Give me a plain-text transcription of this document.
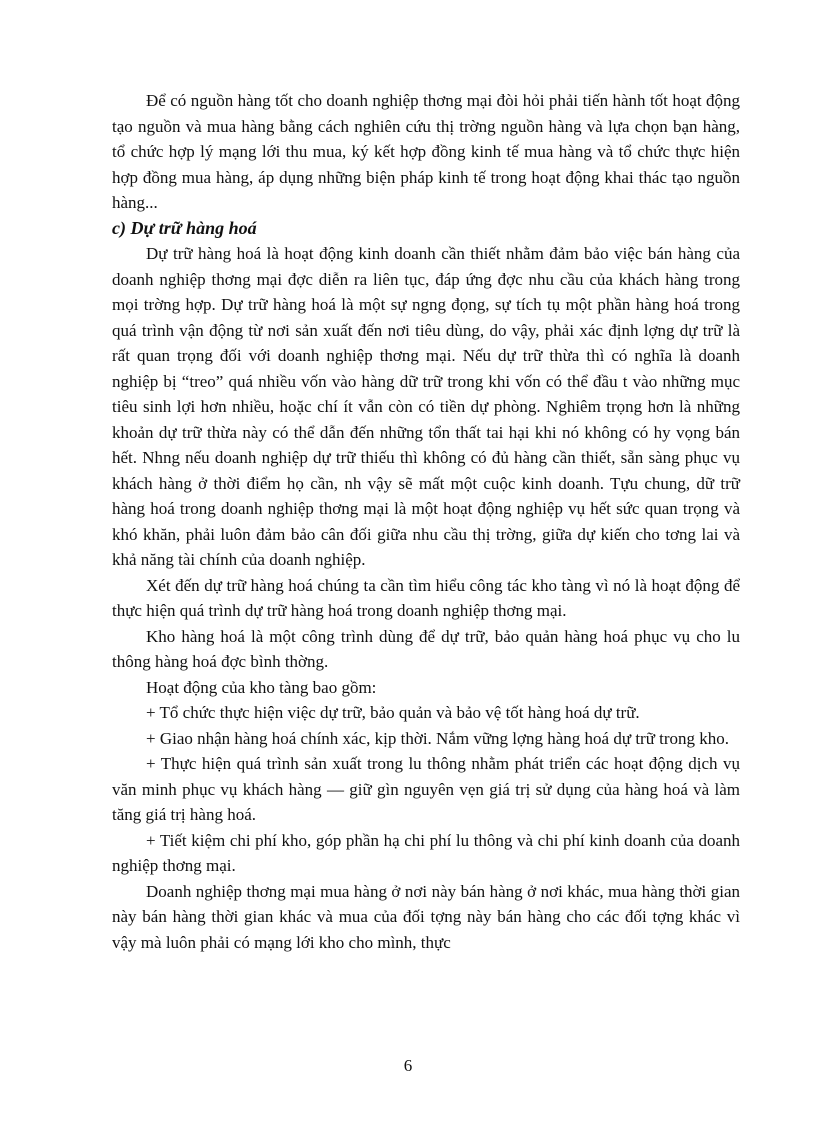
Để có nguồn hàng tốt cho doanh nghiệp thơng mại đòi hỏi phải tiến hành tốt hoạt động tạo nguồn và mua hàng bằng cách nghiên cứu thị trờng nguồn hàng và lựa chọn bạn hàng, tổ chức hợp lý mạng lới thu mua, ký kết hợp đồng kinh tế mua hàng và tổ chức thực hiện hợp đồng mua hàng, áp dụng những biện pháp kinh tế trong hoạt động khai thác tạo nguồn hàng...

c) Dự trữ hàng hoá

Dự trữ hàng hoá là hoạt động kinh doanh cần thiết nhằm đảm bảo việc bán hàng của doanh nghiệp thơng mại đợc diễn ra liên tục, đáp ứng đợc nhu cầu của khách hàng trong mọi trờng hợp. Dự trữ hàng hoá là một sự ngng đọng, sự tích tụ một phần hàng hoá trong quá trình vận động từ nơi sản xuất đến nơi tiêu dùng, do vậy, phải xác định lợng dự trữ là rất quan trọng đối với doanh nghiệp thơng mại. Nếu dự trữ thừa thì có nghĩa là doanh nghiệp bị “treo” quá nhiều vốn vào hàng dữ trữ trong khi vốn có thể đầu t vào những mục tiêu sinh lợi hơn nhiều, hoặc chí ít vẫn còn có tiền dự phòng. Nghiêm trọng hơn là những khoản dự trữ thừa này có thể dẫn đến những tổn thất tai hại khi nó không có hy vọng bán hết. Nhng nếu doanh nghiệp dự trữ thiếu thì không có đủ hàng cần thiết, sẵn sàng phục vụ khách hàng ở thời điểm họ cần, nh vậy sẽ mất một cuộc kinh doanh. Tựu chung, dữ trữ hàng hoá trong doanh nghiệp thơng mại là một hoạt động nghiệp vụ hết sức quan trọng và khó khăn, phải luôn đảm bảo cân đối giữa nhu cầu thị trờng, giữa dự kiến cho tơng lai và khả năng tài chính của doanh nghiệp.

Xét đến dự trữ hàng hoá chúng ta cần tìm hiểu công tác kho tàng vì nó là hoạt động để thực hiện quá trình dự trữ hàng hoá trong doanh nghiệp thơng mại.

Kho hàng hoá là một công trình dùng để dự trữ, bảo quản hàng hoá phục vụ cho lu thông hàng hoá đợc bình thờng.

Hoạt động của kho tàng bao gồm:

+ Tổ chức thực hiện việc dự trữ, bảo quản và bảo vệ tốt hàng hoá dự trữ.

+ Giao nhận hàng hoá chính xác, kịp thời. Nắm vững lợng hàng hoá dự trữ trong kho.

+ Thực hiện quá trình sản xuất trong lu thông nhằm phát triển các hoạt động dịch vụ văn minh phục vụ khách hàng — giữ gìn nguyên vẹn giá trị sử dụng của hàng hoá và làm tăng giá trị hàng hoá.

+ Tiết kiệm chi phí kho, góp phần hạ chi phí lu thông và chi phí kinh doanh của doanh nghiệp thơng mại.

Doanh nghiệp thơng mại mua hàng ở nơi này bán hàng ở nơi khác, mua hàng thời gian này bán hàng thời gian khác và mua của đối tợng này bán hàng cho các đối tợng khác vì vậy mà luôn phải có mạng lới kho cho mình, thực

6
